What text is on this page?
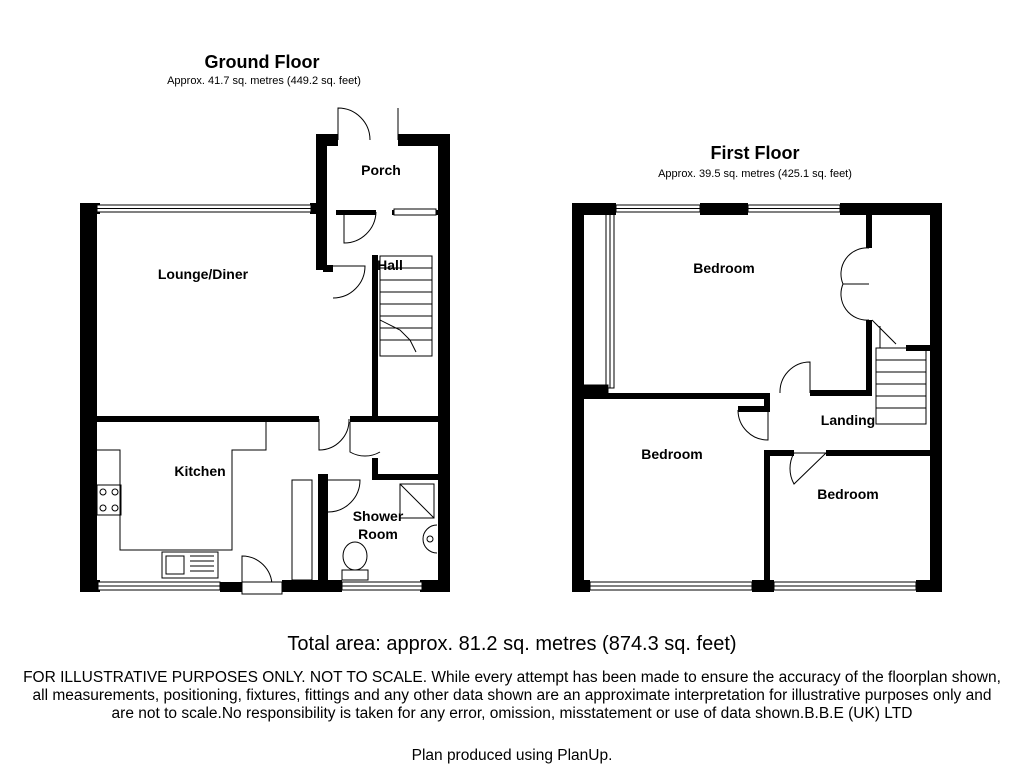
Ground Floor
Approx. 41.7 sq. metres (449.2 sq. feet)
Porch
Hall
Lounge/Diner
Kitchen
Shower
Room
First Floor
Approx. 39.5 sq. metres (425.1 sq. feet)
Bedroom
Bedroom
Bedroom
Landing
Total area: approx. 81.2 sq. metres (874.3 sq. feet)
FOR ILLUSTRATIVE PURPOSES ONLY. NOT TO SCALE. While every attempt has been made to ensure the accuracy of the floorplan shown, all measurements, positioning, fixtures, fittings and any other data shown are an approximate interpretation for illustrative purposes only and are not to scale.No responsibility is taken for any error, omission, misstatement or use of data shown.B.B.E (UK) LTD
Plan produced using PlanUp.
